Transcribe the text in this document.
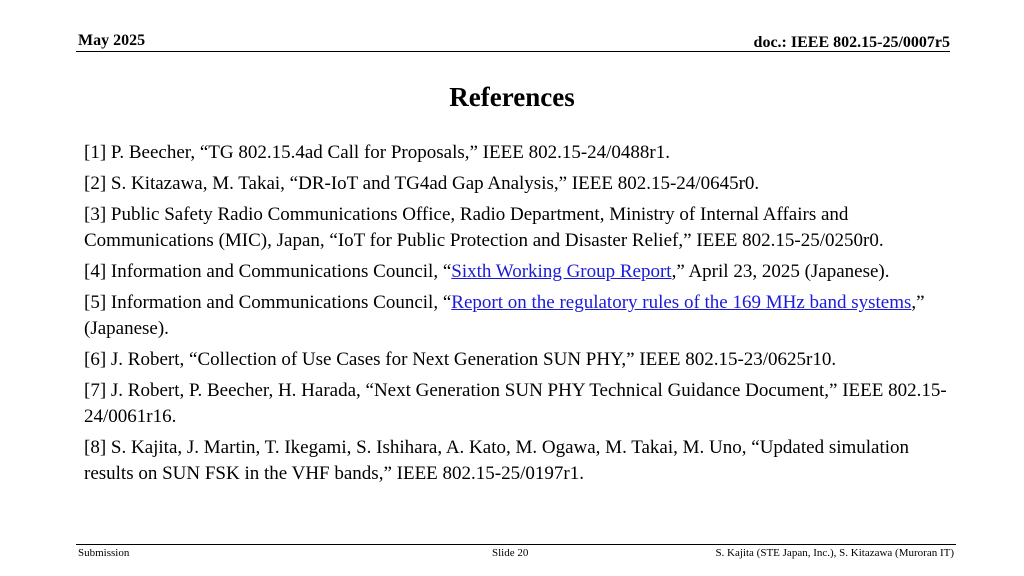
May 2025	doc.: IEEE 802.15-25/0007r5
References

[1] P. Beecher, “TG 802.15.4ad Call for Proposals,” IEEE 802.15-24/0488r1.

[2] S. Kitazawa, M. Takai, “DR-IoT and TG4ad Gap Analysis,” IEEE 802.15-24/0645r0.

[3] Public Safety Radio Communications Office, Radio Department, Ministry of Internal Affairs and Communications (MIC), Japan, “IoT for Public Protection and Disaster Relief,” IEEE 802.15-25/0250r0.

[4] Information and Communications Council, “Sixth Working Group Report,” April 23, 2025 (Japanese).

[5] Information and Communications Council, “Report on the regulatory rules of the 169 MHz band systems,” (Japanese).

[6] J. Robert, “Collection of Use Cases for Next Generation SUN PHY,” IEEE 802.15-23/0625r10.

[7] J. Robert, P. Beecher, H. Harada, “Next Generation SUN PHY Technical Guidance Document,” IEEE 802.15-24/0061r16.

[8] S. Kajita, J. Martin, T. Ikegami, S. Ishihara, A. Kato, M. Ogawa, M. Takai, M. Uno, “Updated simulation results on SUN FSK in the VHF bands,” IEEE 802.15-25/0197r1.

Submission	Slide 20	S. Kajita (STE Japan, Inc.), S. Kitazawa (Muroran IT)
